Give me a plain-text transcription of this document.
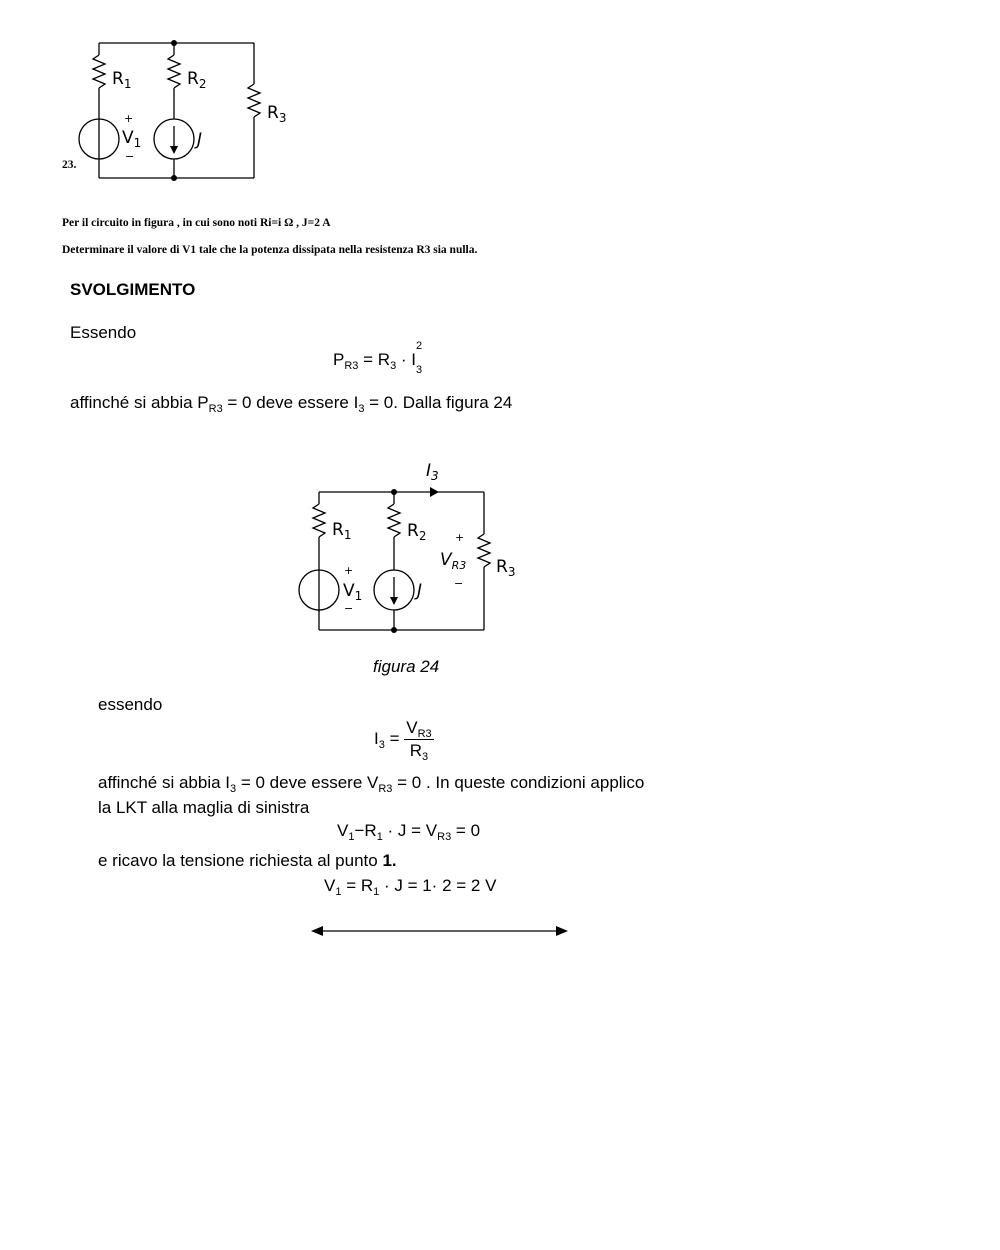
$R_1$	$R_2$
$R_3$
$V_1$	J
+
−
23.
Per il circuito in figura , in cui sono noti Ri=i Ω , J=2 A
Determinare il valore di V1 tale che la potenza dissipata nella resistenza R3 sia nulla.
SVOLGIMENTO
Essendo
$P_{R3} = R_3 \cdot I$
2
$_3$
affinché si abbia $P_{R3} = 0$ deve essere $I_3 = 0$. Dalla figura 24
$I_3$
$R_1$	$R_2$
$R_3$
$V_{R3}$
$V_1$	J
+
−
+
−
figura 24
essendo
$I_3 = \frac{V_{R3}}{R_3}$
affinché si abbia $I_3 = 0$ deve essere $V_{R3} = 0$ . In queste condizioni applico
la LKT alla maglia di sinistra
$V_1-R_1 \cdot J = V_{R3} = 0$
e ricavo la tensione richiesta al punto 1.
$V_1 = R_1 \cdot J = 1\cdot 2 = 2$ V
